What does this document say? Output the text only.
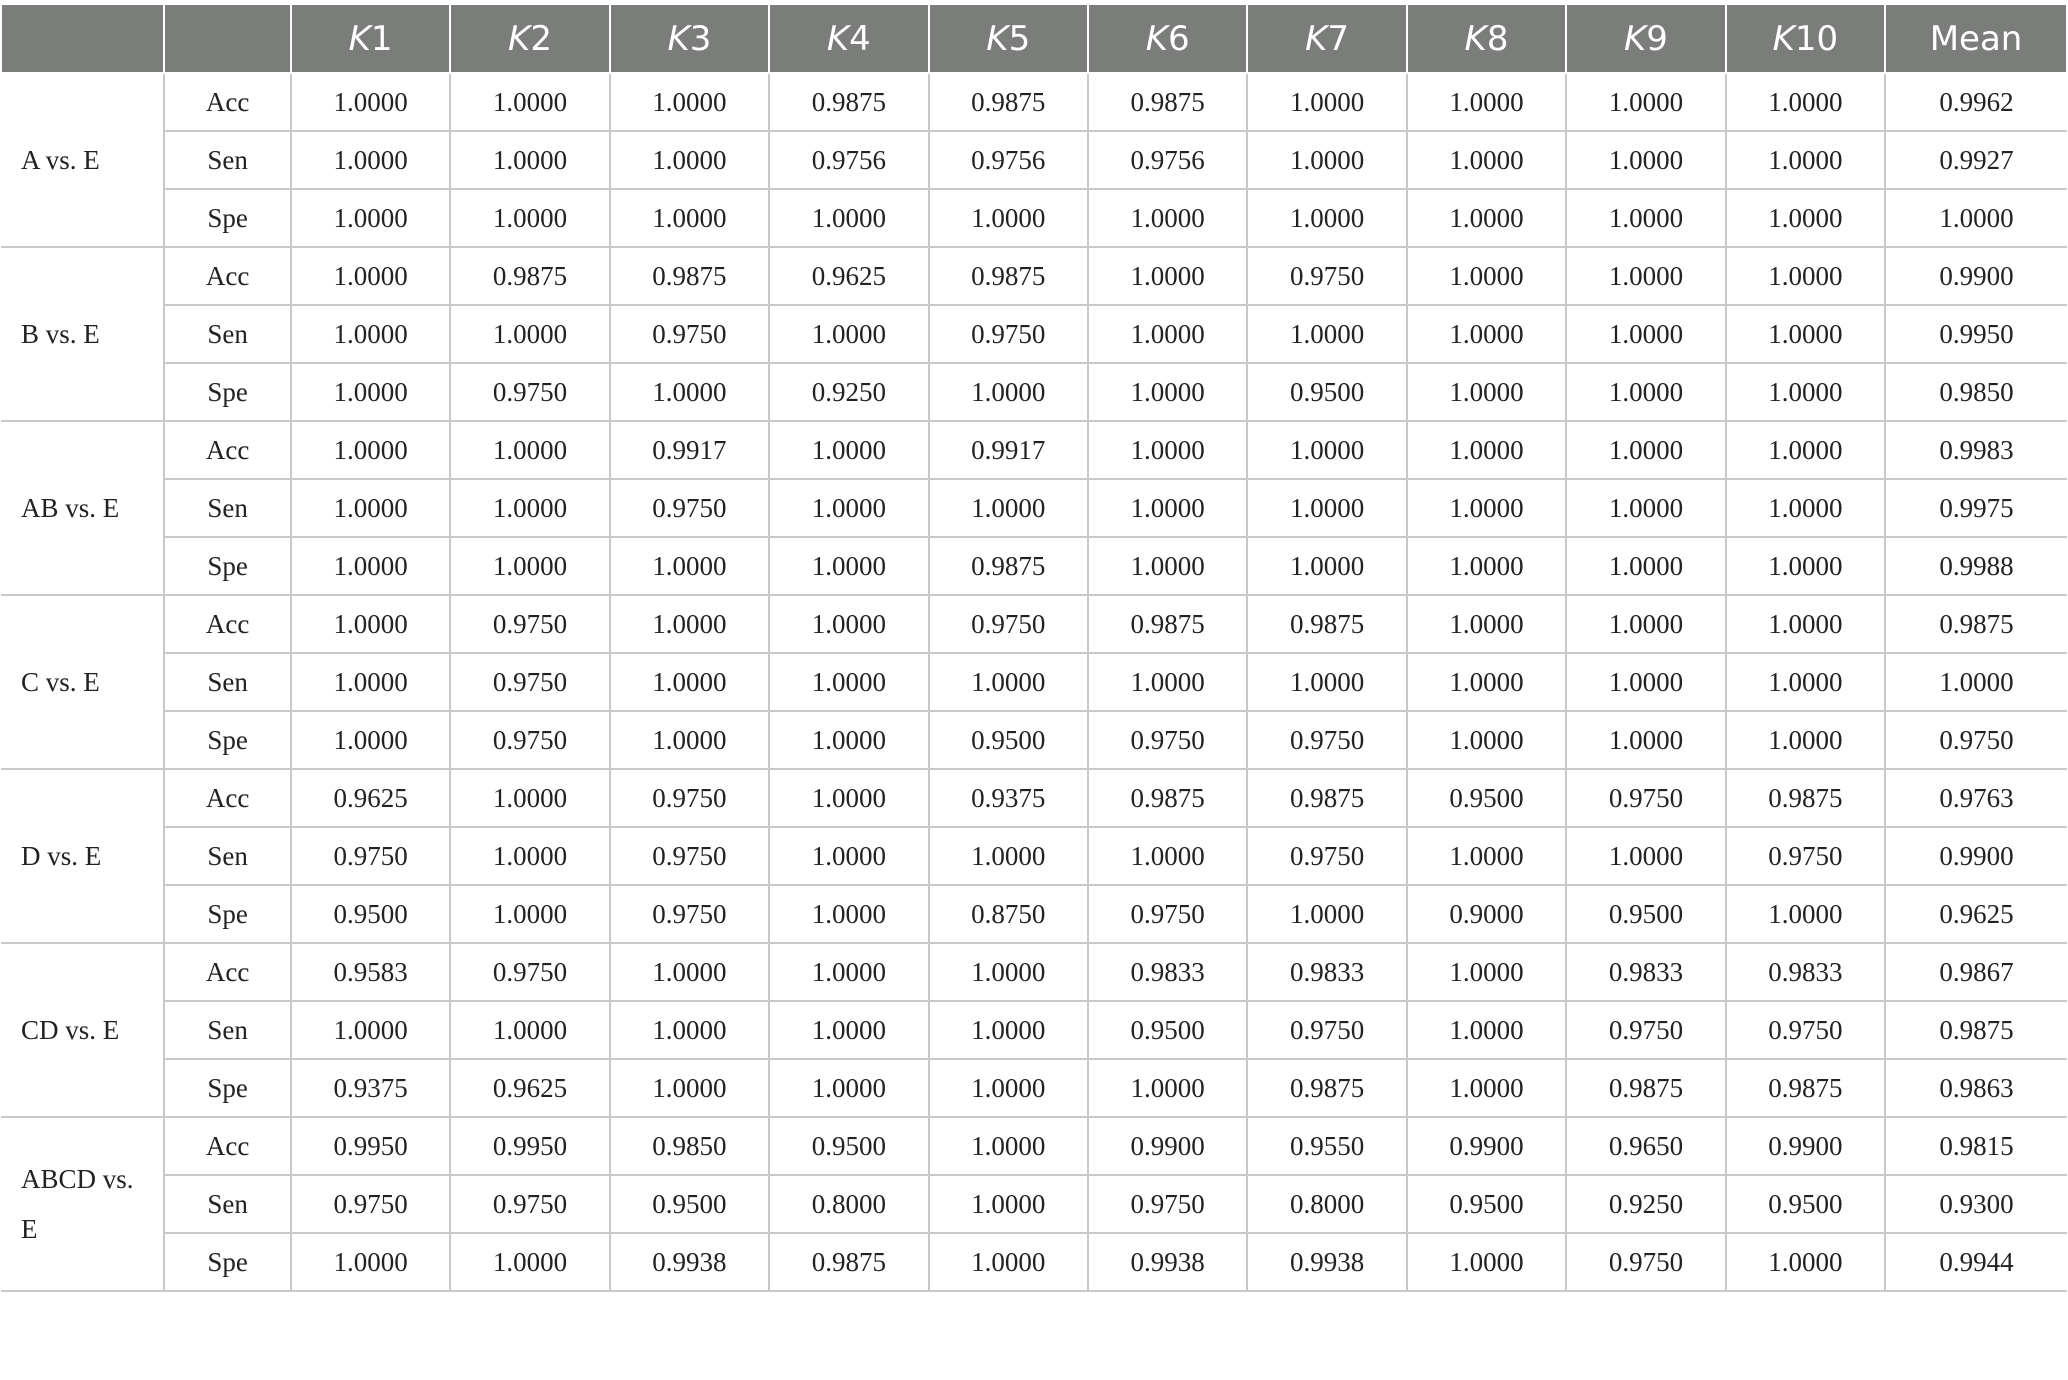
		K1	K2	K3	K4	K5	K6	K7	K8	K9	K10	Mean
A vs. E	Acc	1.0000	1.0000	1.0000	0.9875	0.9875	0.9875	1.0000	1.0000	1.0000	1.0000	0.9962
	Sen	1.0000	1.0000	1.0000	0.9756	0.9756	0.9756	1.0000	1.0000	1.0000	1.0000	0.9927
	Spe	1.0000	1.0000	1.0000	1.0000	1.0000	1.0000	1.0000	1.0000	1.0000	1.0000	1.0000
B vs. E	Acc	1.0000	0.9875	0.9875	0.9625	0.9875	1.0000	0.9750	1.0000	1.0000	1.0000	0.9900
	Sen	1.0000	1.0000	0.9750	1.0000	0.9750	1.0000	1.0000	1.0000	1.0000	1.0000	0.9950
	Spe	1.0000	0.9750	1.0000	0.9250	1.0000	1.0000	0.9500	1.0000	1.0000	1.0000	0.9850
AB vs. E	Acc	1.0000	1.0000	0.9917	1.0000	0.9917	1.0000	1.0000	1.0000	1.0000	1.0000	0.9983
	Sen	1.0000	1.0000	0.9750	1.0000	1.0000	1.0000	1.0000	1.0000	1.0000	1.0000	0.9975
	Spe	1.0000	1.0000	1.0000	1.0000	0.9875	1.0000	1.0000	1.0000	1.0000	1.0000	0.9988
C vs. E	Acc	1.0000	0.9750	1.0000	1.0000	0.9750	0.9875	0.9875	1.0000	1.0000	1.0000	0.9875
	Sen	1.0000	0.9750	1.0000	1.0000	1.0000	1.0000	1.0000	1.0000	1.0000	1.0000	1.0000
	Spe	1.0000	0.9750	1.0000	1.0000	0.9500	0.9750	0.9750	1.0000	1.0000	1.0000	0.9750
D vs. E	Acc	0.9625	1.0000	0.9750	1.0000	0.9375	0.9875	0.9875	0.9500	0.9750	0.9875	0.9763
	Sen	0.9750	1.0000	0.9750	1.0000	1.0000	1.0000	0.9750	1.0000	1.0000	0.9750	0.9900
	Spe	0.9500	1.0000	0.9750	1.0000	0.8750	0.9750	1.0000	0.9000	0.9500	1.0000	0.9625
CD vs. E	Acc	0.9583	0.9750	1.0000	1.0000	1.0000	0.9833	0.9833	1.0000	0.9833	0.9833	0.9867
	Sen	1.0000	1.0000	1.0000	1.0000	1.0000	0.9500	0.9750	1.0000	0.9750	0.9750	0.9875
	Spe	0.9375	0.9625	1.0000	1.0000	1.0000	1.0000	0.9875	1.0000	0.9875	0.9875	0.9863
ABCD vs. E	Acc	0.9950	0.9950	0.9850	0.9500	1.0000	0.9900	0.9550	0.9900	0.9650	0.9900	0.9815
	Sen	0.9750	0.9750	0.9500	0.8000	1.0000	0.9750	0.8000	0.9500	0.9250	0.9500	0.9300
	Spe	1.0000	1.0000	0.9938	0.9875	1.0000	0.9938	0.9938	1.0000	0.9750	1.0000	0.9944
